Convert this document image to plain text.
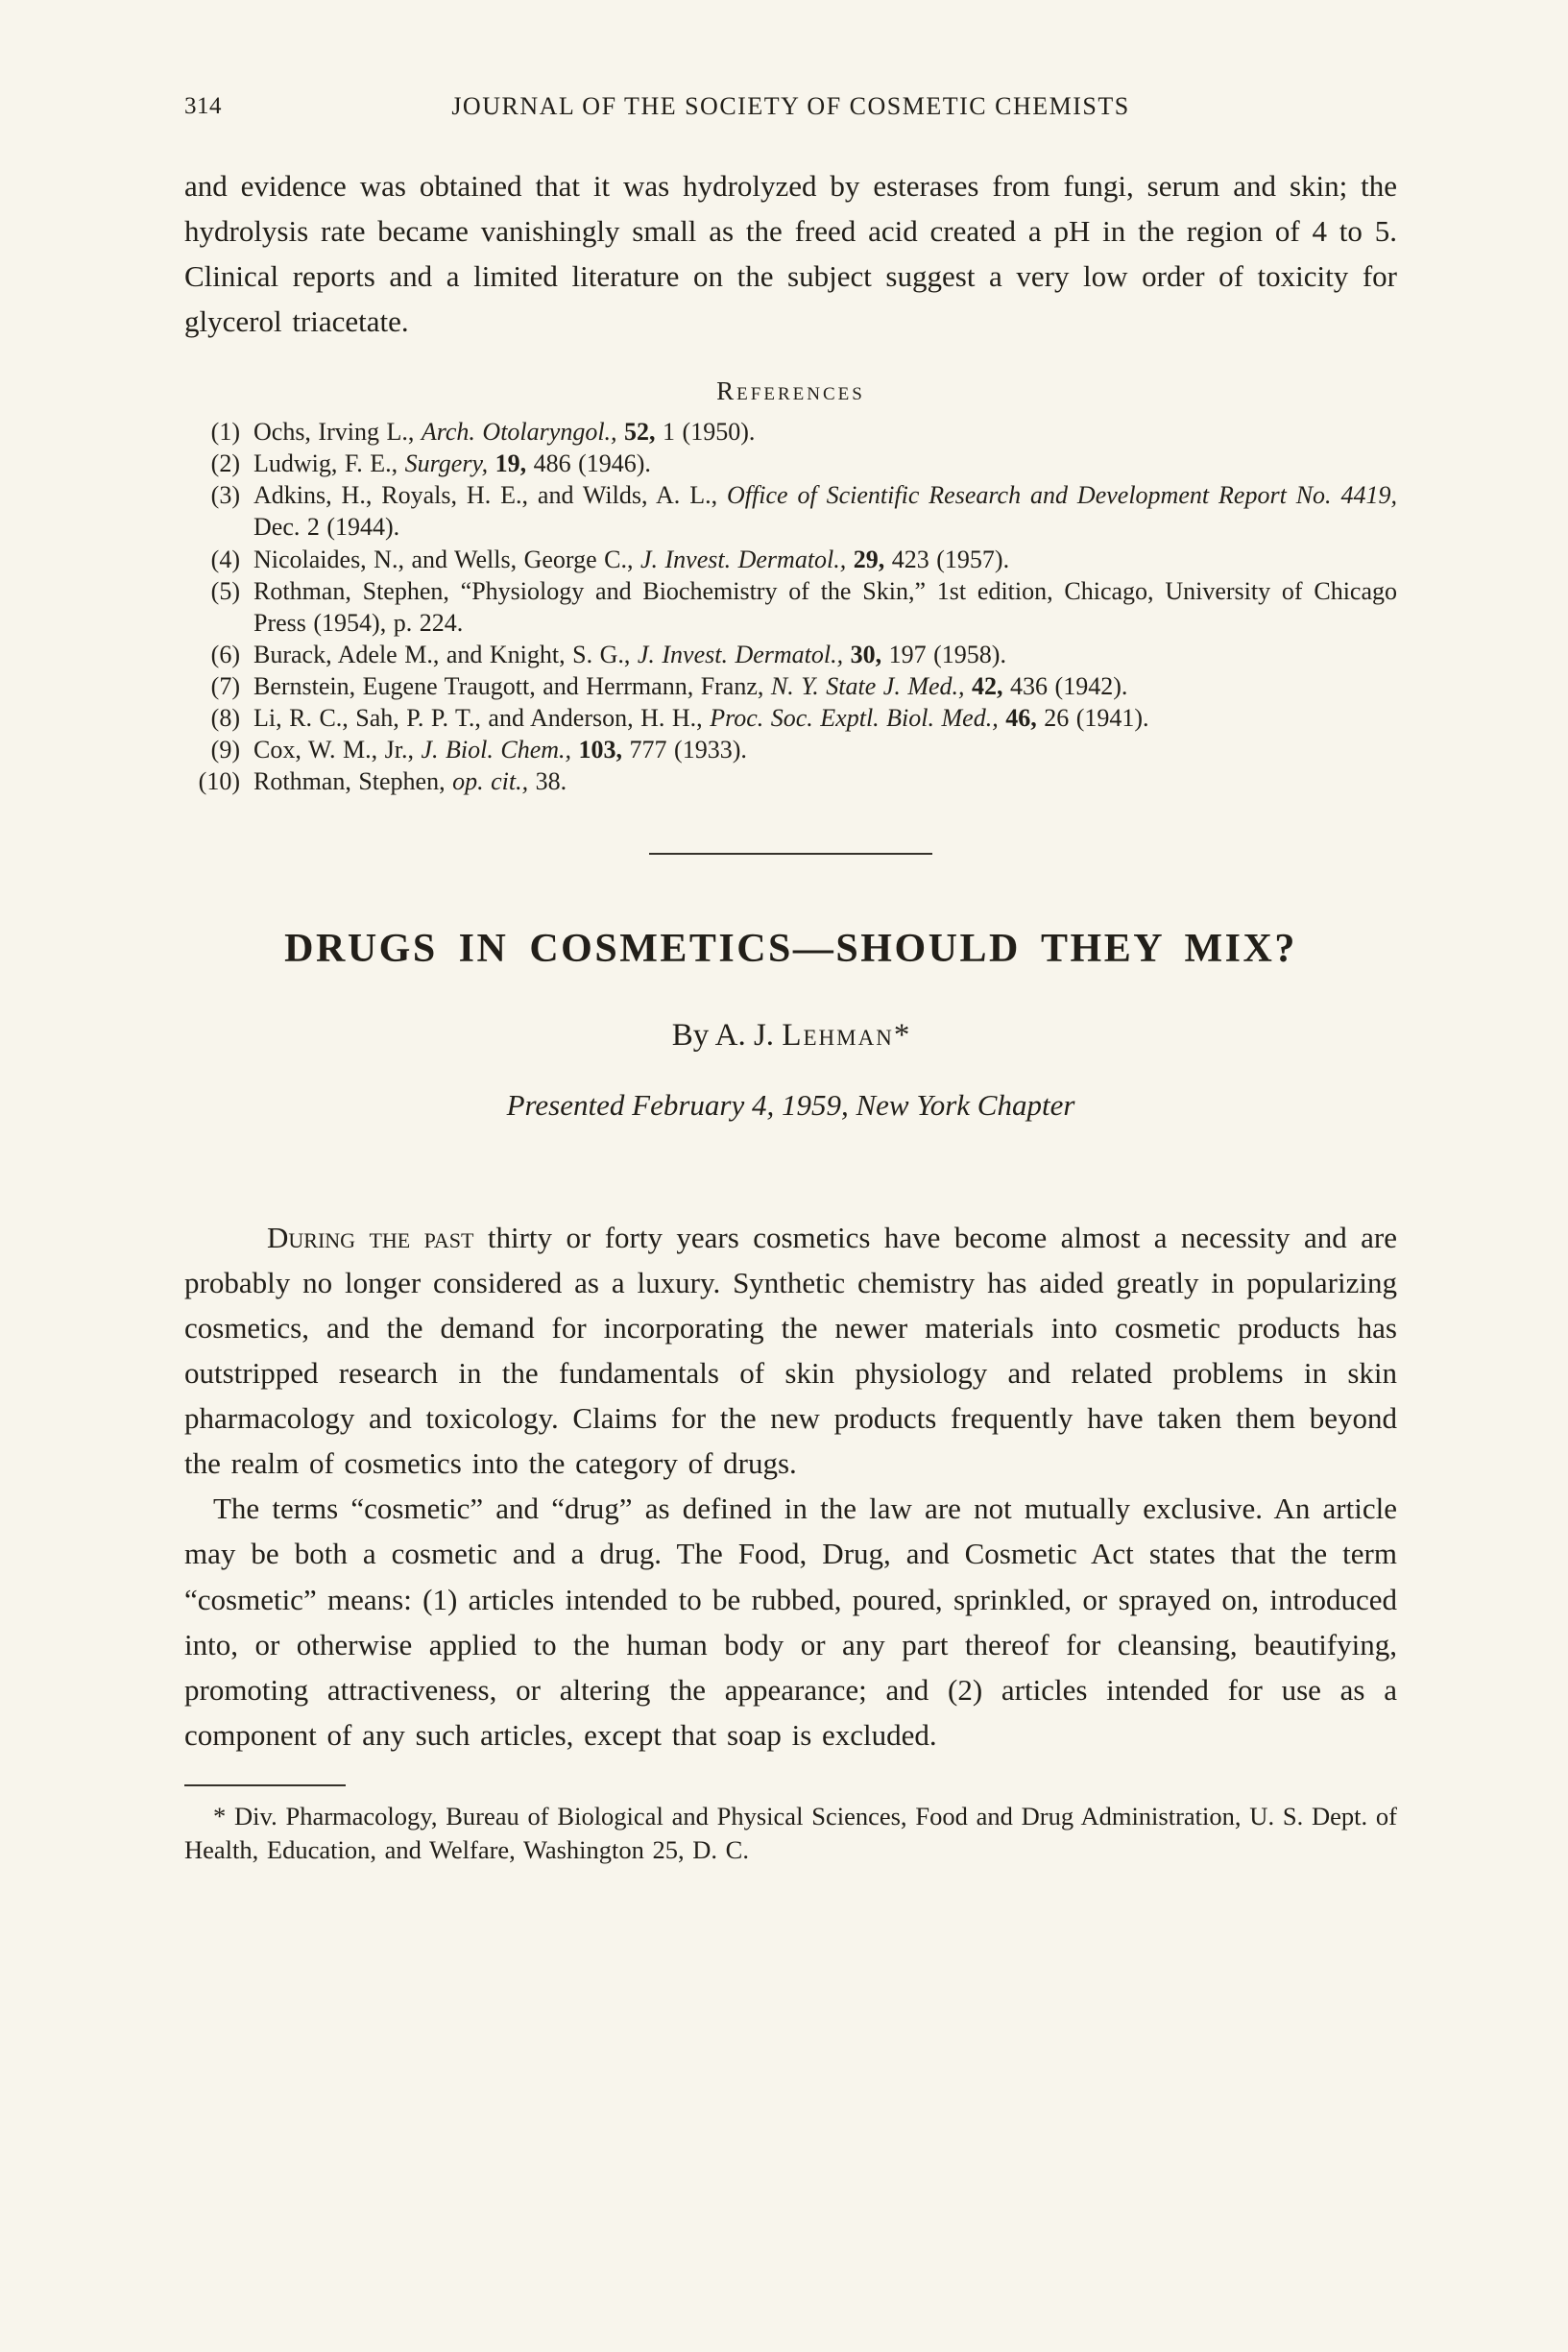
314	JOURNAL OF THE SOCIETY OF COSMETIC CHEMISTS

and evidence was obtained that it was hydrolyzed by esterases from fungi, serum and skin; the hydrolysis rate became vanishingly small as the freed acid created a pH in the region of 4 to 5. Clinical reports and a limited literature on the subject suggest a very low order of toxicity for glycerol triacetate.

References
(1) Ochs, Irving L., Arch. Otolaryngol., 52, 1 (1950).
(2) Ludwig, F. E., Surgery, 19, 486 (1946).
(3) Adkins, H., Royals, H. E., and Wilds, A. L., Office of Scientific Research and Development Report No. 4419, Dec. 2 (1944).
(4) Nicolaides, N., and Wells, George C., J. Invest. Dermatol., 29, 423 (1957).
(5) Rothman, Stephen, “Physiology and Biochemistry of the Skin,” 1st edition, Chicago, University of Chicago Press (1954), p. 224.
(6) Burack, Adele M., and Knight, S. G., J. Invest. Dermatol., 30, 197 (1958).
(7) Bernstein, Eugene Traugott, and Herrmann, Franz, N. Y. State J. Med., 42, 436 (1942).
(8) Li, R. C., Sah, P. P. T., and Anderson, H. H., Proc. Soc. Exptl. Biol. Med., 46, 26 (1941).
(9) Cox, W. M., Jr., J. Biol. Chem., 103, 777 (1933).
(10) Rothman, Stephen, op. cit., 38.
DRUGS IN COSMETICS—SHOULD THEY MIX?

By A. J. Lehman*

Presented February 4, 1959, New York Chapter

During the past thirty or forty years cosmetics have become almost a necessity and are probably no longer considered as a luxury. Synthetic chemistry has aided greatly in popularizing cosmetics, and the demand for incorporating the newer materials into cosmetic products has outstripped research in the fundamentals of skin physiology and related problems in skin pharmacology and toxicology. Claims for the new products frequently have taken them beyond the realm of cosmetics into the category of drugs.

The terms “cosmetic” and “drug” as defined in the law are not mutually exclusive. An article may be both a cosmetic and a drug. The Food, Drug, and Cosmetic Act states that the term “cosmetic” means: (1) articles intended to be rubbed, poured, sprinkled, or sprayed on, introduced into, or otherwise applied to the human body or any part thereof for cleansing, beautifying, promoting attractiveness, or altering the appearance; and (2) articles intended for use as a component of any such articles, except that soap is excluded.

* Div. Pharmacology, Bureau of Biological and Physical Sciences, Food and Drug Administration, U. S. Dept. of Health, Education, and Welfare, Washington 25, D. C.
